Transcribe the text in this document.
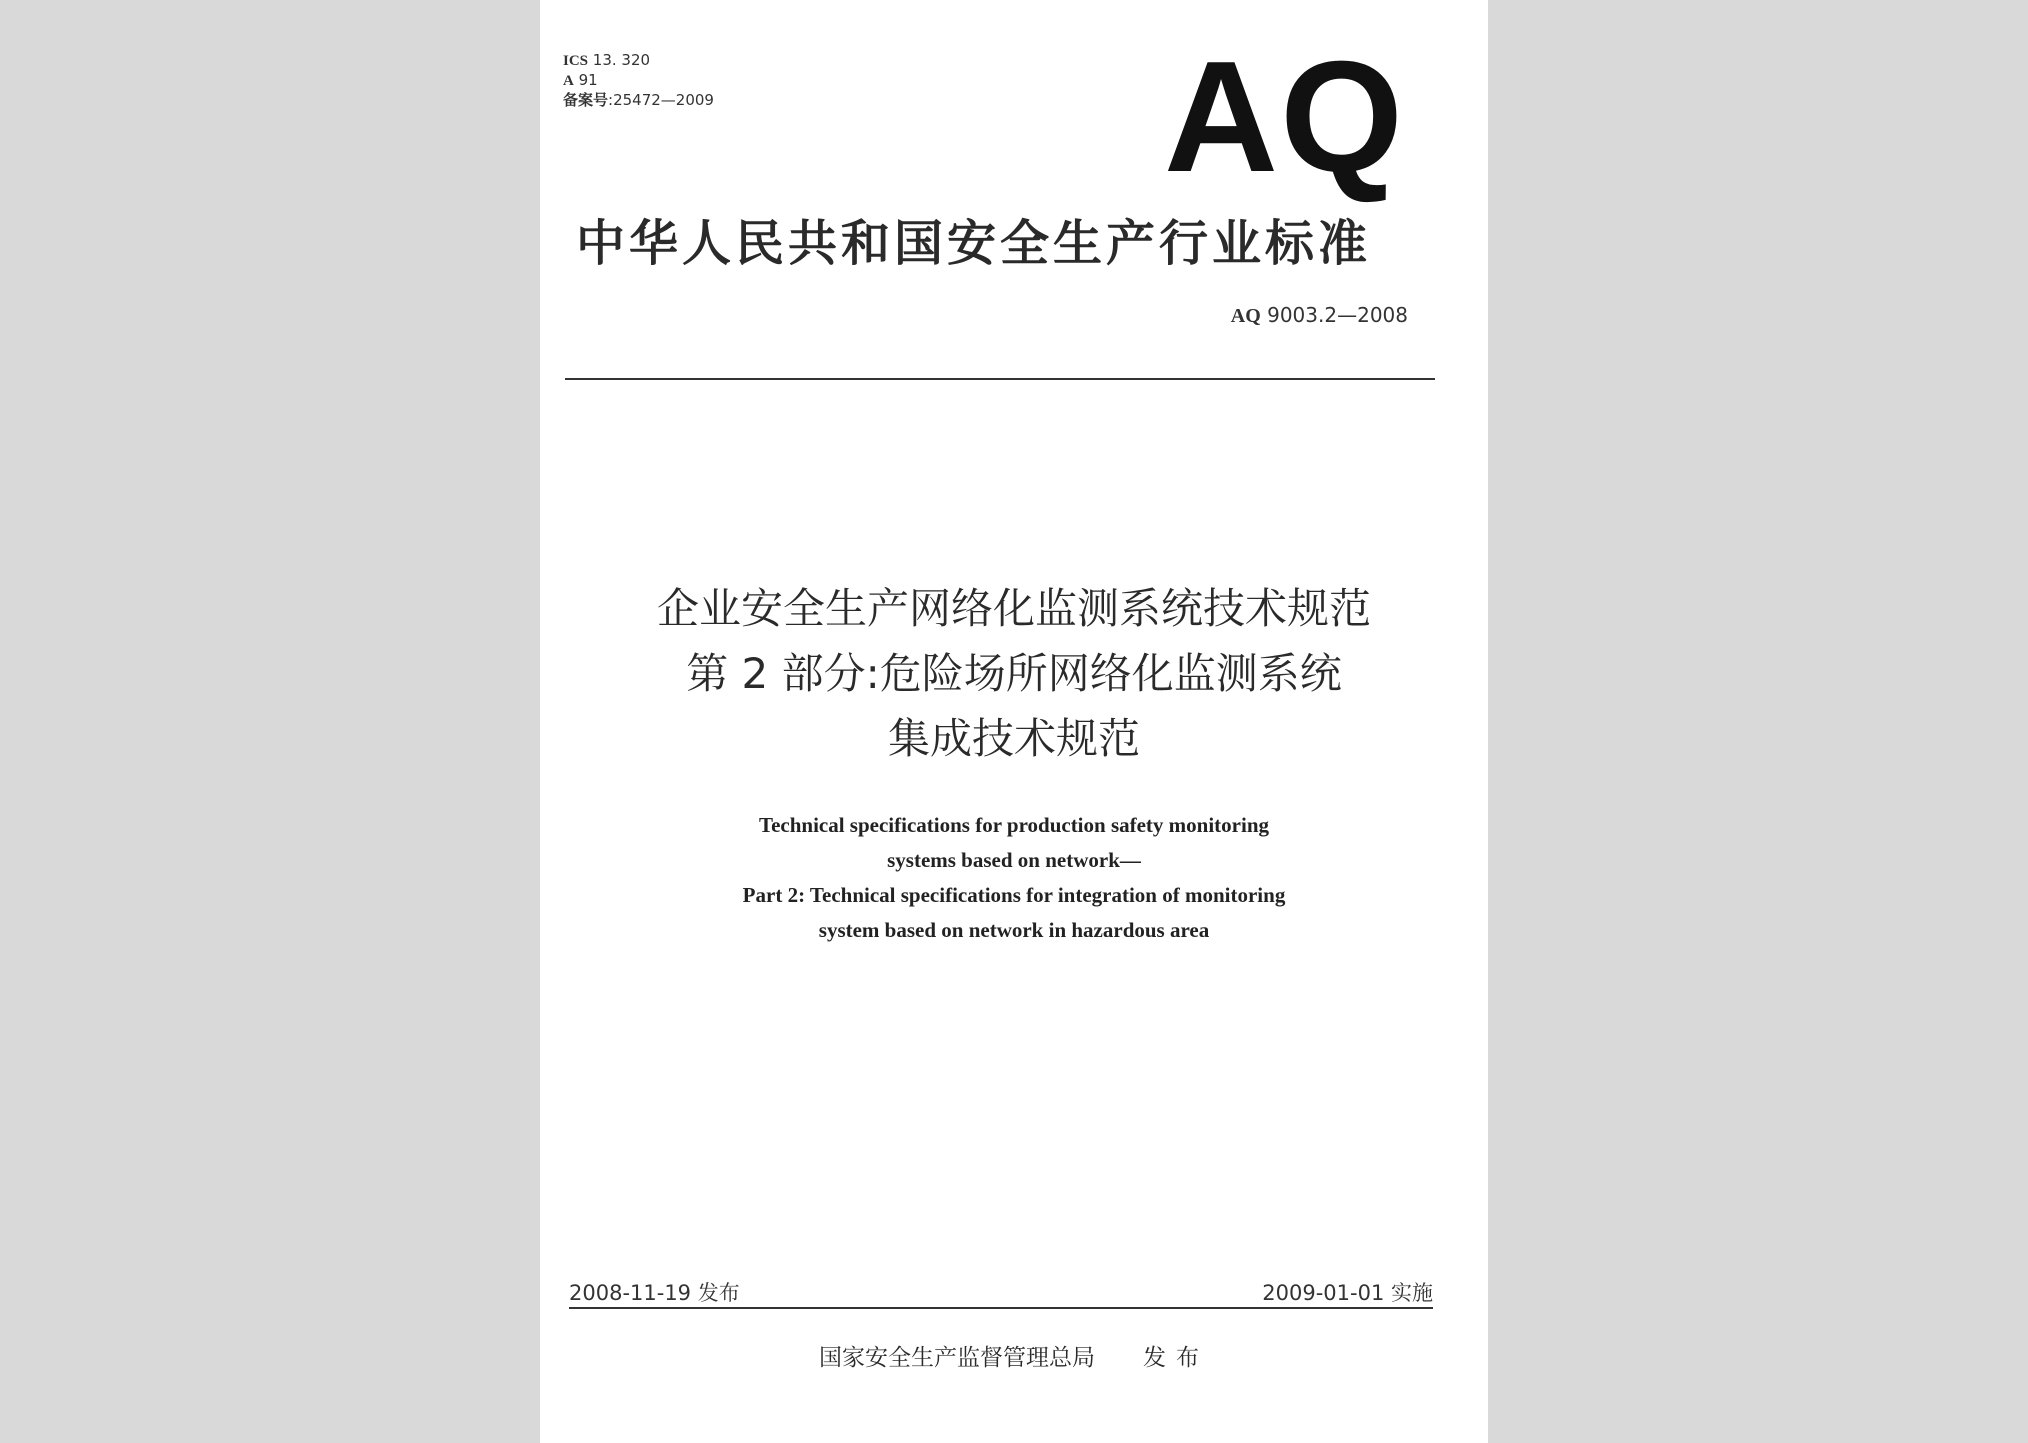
ICS 13. 320
A 91
备案号:25472—2009	AQ
中华人民共和国安全生产行业标准
AQ 9003.2—2008
企业安全生产网络化监测系统技术规范
第 2 部分:危险场所网络化监测系统
集成技术规范
Technical specifications for production safety monitoring
systems based on network—
Part 2: Technical specifications for integration of monitoring
system based on network in hazardous area
2008-11-19 发布	2009-01-01 实施
国家安全生产监督管理总局 发布
